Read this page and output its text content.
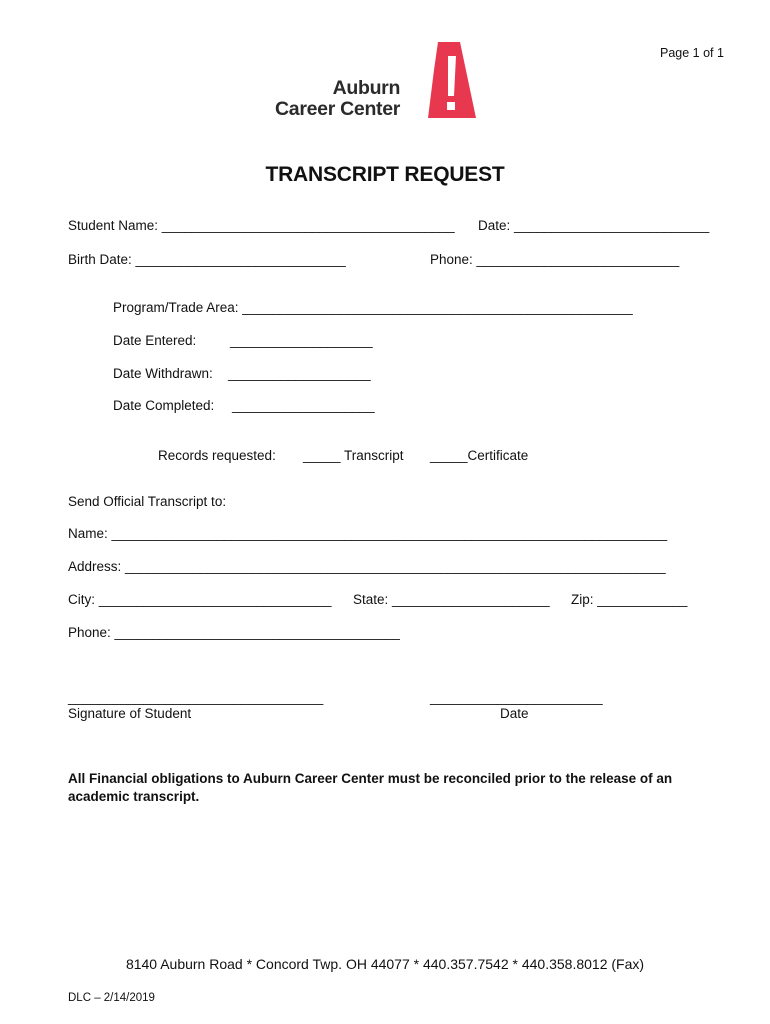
Page 1 of 1
Auburn
Career Center
TRANSCRIPT REQUEST
Student Name: _______________________________________ Date: __________________________
Birth Date: ____________________________	Phone: ___________________________
Program/Trade Area: ____________________________________________________
Date Entered: ___________________
Date Withdrawn: ___________________
Date Completed: ___________________
Records requested: _____ Transcript _____Certificate
Send Official Transcript to:
Name: __________________________________________________________________________
Address: ________________________________________________________________________
City: _______________________________ State: _____________________ Zip: ____________
Phone: ______________________________________
__________________________________
Signature of Student
_______________________
Date
All Financial obligations to Auburn Career Center must be reconciled prior to the release of an academic transcript.
8140 Auburn Road * Concord Twp. OH 44077 * 440.357.7542 * 440.358.8012 (Fax)
DLC – 2/14/2019
